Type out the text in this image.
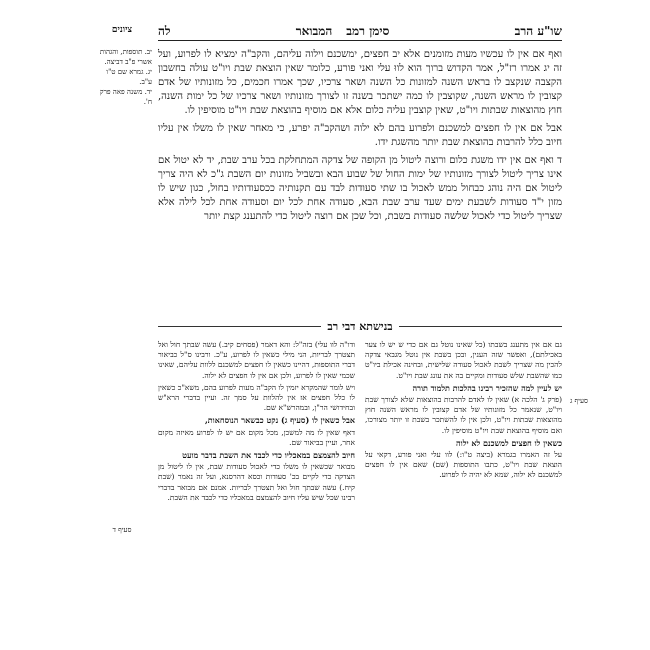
שו"ע הרב
סימן רמב
המבואר
לה
ציונים
יב. תוספות, והגהות אשרי פ"ב דביצה.
יג. גמרא שם ט"ו ע"ב.
יד. משנה פאה פרק ח'.

ואף אם אין לו עכשיו מעות מזומנים אלא יב חפצים, ימשכנם וילוה עליהם, והקב"ה ימציא לו לפרוע, ועל זה יג אמרו רז"ל, אמר הקדוש ברוך הוא לווּ עלי ואני פורע, כלומר שאין הוצאת שבת ויו"ט עולה בחשבון הקצבה שנקצב לו בראש השנה למזונות כל השנה ושאר צרכיו, שכך אמרו חכמים, כל מזונותיו של אדם קצובין לו מראש השנה, שקוצבין לו כמה ישתכר בשנה זו לצורך מזונותיו ושאר צרכיו של כל ימות השנה, חוץ מהוצאות שבתות ויו"ט, שאין קוצבין עליה כלום אלא אם מוסיף בהוצאת שבת ויו"ט מוסיפין לו.

אבל אם אין לו חפצים למשכנם ולפרוע בהם לא ילוה ושהקב"ה יפרע, כי מאחר שאין לו משלו אין עליו חיוב כלל להרבות בהוצאת שבת יותר מהשגת ידו.

ד ואף אם אין ידו משגת כלום ורוצה ליטול מן הקופה של צדקה המתחלקת בכל ערב שבת, יד לא יטול אם אינו צריך ליטול לצורך מזונותיו של ימות החול של שבוע הבא ובשביל מזונות יום השבת ג"כ לא היה צריך ליטול אם היה נוהג כבחול ממש לאכול בו שתי סעודות לבד עם תקנותיה ככסעודותיו בחול, כגון שיש לו מזון י"ד סעודות לשבעת ימים שעד ערב שבת הבא, סעודה אחת לכל יום וסעודה אחת לכל לילה אלא שצריך ליטול כדי לאכול שלשה סעודות בשבת, וכל שכן אם רוצה ליטול כדי להתענג קצת יותר

בנישתא דבי רב

גם אם אין מתענג בשבתו (כל שאינו נוטל גם אם כדי ש יש לו צער באכילתם), ואפשר שזה הענין, ובכן בשבת אין נוטל מגבאי צדקה להכין מה שצריך לשבת לאכול סעודה שלישית, ובחינה אכילת ביו"ט כמו שהשבת שלש סעודות ומקיים בה את עונג שבת ויו"ט.

יש לעיין למה שהזכיר רבינו בהלכות תלמוד תורה

(פרק ג' הלכה א) שאין לו לאדם להרבות בהוצאות שלא לצורך שבת ויו"ט, שנאמר כל מזונותיו של אדם קצובין לו מראש השנה חוץ מהוצאות שבתות ויו"ט, ולכן אין לו להשתכר בשבת זו יותר מצורכו, ואם מוסיף בהוצאת שבת ויו"ט מוסיפין לו.

כשאין לו חפצים למשכנם לא ילוה

על זה האמרו בגמרא (ביצה ט"ו:) לוו עלי ואני פורע, דקאי על הוצאת שבת ויו"ט, כתבו התוספות (שם) שאם אין לו חפצים למשכנם לא ילוה, שמא לא יהיה לו לפרוע.

ודו"ה לוו עלי) בזה"ל: והא דאמר (פסחים קיב.) עשה שבתך חול ואל תצטרך לבריות, הני מילי כשאין לו לפרוע, ע"כ. ורבינו ס"ל כביאור דברי התוספות, דהיינו כשאין לו חפצים למשכנם ללוות עליהם, שאינו שכמי שאין לו לפרוע, ולכן אם אין לו חפצים לא ילוה.

ויש לומר שהמקרא יזמין לו הקב"ה מעות לפרוע בהם, משא"כ כשאין לו כלל חפצים אז אין להלוות על סמך זה. ועיין בדברי הרא"ש ובחידושי הר"ן, ובמהרש"א שם.

אבל כשאין לו (סעיף ג) נקט כבשאר הנוסחאות,

דאף שאין לו מה למשכן, מכל מקום אם יש לו לפרוע מאיזה מקום אחר, ועיין בביאור שם.

חיוב להצמצם במאכליו כדי לכבד את השבת בדבר מועט

מבואר שכשאין לו משלו כדי לאכול סעודות שבת, אין לו ליטול מן הצדקה כדי לקיים בכ' סעודות וכסא דהרסנא, ועל זה נאמר (שבת קיח.) עשה שבתך חול ואל תצטרך לבריות. אמנם אם מבואר בדברי רבינו שכל שיש עליו חיוב להצמצם במאכליו כדי לכבד את השבת.

סעיף ג
סעיף ד
